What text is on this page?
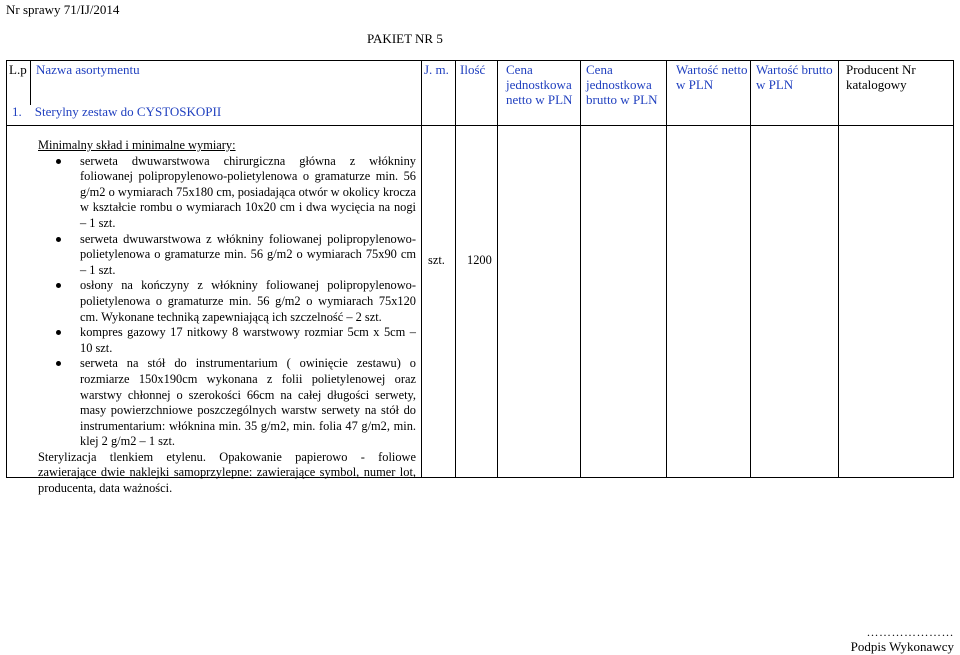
Nr sprawy 71/IJ/2014
PAKIET NR 5
L.p Nazwa asortymentu	J. m. Ilość Cena
jednostkowa
netto w PLN
Cena
jednostkowa
brutto w PLN
Wartość netto
w PLN
Wartość brutto
w PLN
Producent Nr
katalogowy
1. Sterylny zestaw do CYSTOSKOPII
Minimalny skład i minimalne wymiary:
serweta dwuwarstwowa chirurgiczna główna z włókniny foliowanej polipropylenowo-polietylenowa o gramaturze min. 56 g/m2 o wymiarach 75x180 cm, posiadająca otwór w okolicy krocza w kształcie rombu o wymiarach 10x20 cm i dwa wycięcia na nogi – 1 szt.
serweta dwuwarstwowa z włókniny foliowanej polipropylenowo-polietylenowa o gramaturze min. 56 g/m2 o wymiarach 75x90 cm – 1 szt.
osłony na kończyny z włókniny foliowanej polipropylenowo-polietylenowa o gramaturze min. 56 g/m2 o wymiarach 75x120 cm. Wykonane techniką zapewniającą ich szczelność – 2 szt.
kompres gazowy 17 nitkowy 8 warstwowy rozmiar 5cm x 5cm – 10 szt.
serweta na stół do instrumentarium ( owinięcie zestawu) o rozmiarze 150x190cm wykonana z folii polietylenowej oraz warstwy chłonnej o szerokości 66cm na całej długości serwety, masy powierzchniowe poszczególnych warstw serwety na stół do instrumentarium: włóknina min. 35 g/m2, min. folia 47 g/m2, min. klej 2 g/m2 – 1 szt.
Sterylizacja tlenkiem etylenu. Opakowanie papierowo - foliowe zawierające dwie naklejki samoprzylepne: zawierające symbol, numer lot, producenta, data ważności.
szt. 1200
…………………
Podpis Wykonawcy
